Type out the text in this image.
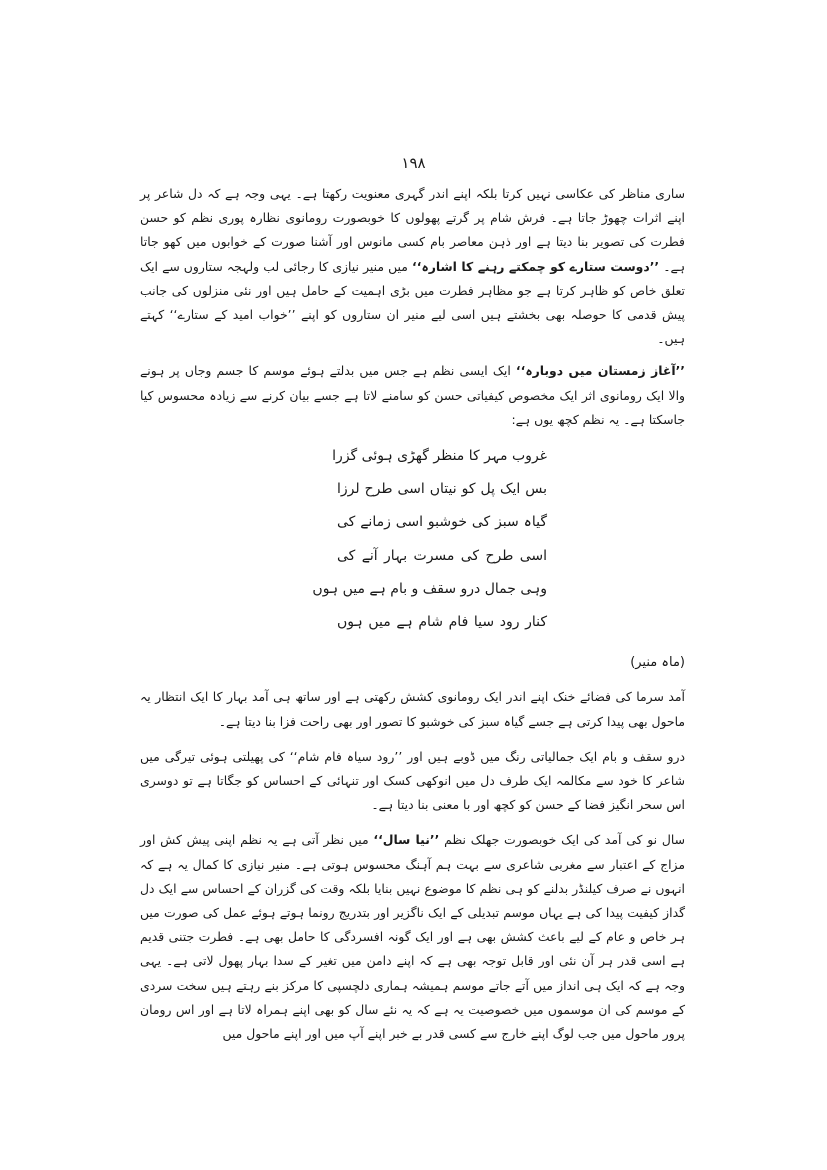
۱۹۸

ساری مناظر کی عکاسی نہیں کرتا بلکہ اپنے اندر گہری معنویت رکھتا ہے۔ یہی وجہ ہے کہ دل شاعر پر اپنے اثرات چھوڑ جاتا ہے۔ فرش شام پر گرتے پھولوں کا خوبصورت رومانوی نظارہ پوری نظم کو حسن فطرت کی تصویر بنا دیتا ہے اور ذہن معاصر بام کسی مانوس اور آشنا صورت کے خوابوں میں کھو جاتا ہے۔ ’’دوست ستارے کو چمکتے رہنے کا اشارہ‘‘ میں منیر نیازی کا رجائی لب ولہجہ ستاروں سے ایک تعلق خاص کو ظاہر کرتا ہے جو مظاہر فطرت میں بڑی اہمیت کے حامل ہیں اور نئی منزلوں کی جانب پیش قدمی کا حوصلہ بھی بخشتے ہیں اسی لیے منیر ان ستاروں کو اپنے ’’خواب امید کے ستارے‘‘ کہتے ہیں۔

’’آغاز زمستان میں دوبارہ‘‘ ایک ایسی نظم ہے جس میں بدلتے ہوئے موسم کا جسم وجاں پر ہونے والا ایک رومانوی اثر ایک مخصوص کیفیاتی حسن کو سامنے لاتا ہے جسے بیان کرنے سے زیادہ محسوس کیا جاسکتا ہے۔ یہ نظم کچھ یوں ہے:

غروب مہر کا منظر گھڑی ہوئی گزرا
بس ایک پل کو نیتاں اسی طرح لرزا
گیاہ سبز کی خوشبو اسی زمانے کی
اسی طرح کی مسرت بہار آنے کی
وہی جمال درو سقف و بام ہے میں ہوں
کنار رود سیا فام شام ہے میں ہوں
(ماہ منیر)

آمد سرما کی فضائے خنک اپنے اندر ایک رومانوی کشش رکھتی ہے اور ساتھ ہی آمد بہار کا ایک انتظار یہ ماحول بھی پیدا کرتی ہے جسے گیاہ سبز کی خوشبو کا تصور اور بھی راحت فزا بنا دیتا ہے۔

درو سقف و بام ایک جمالیاتی رنگ میں ڈوبے ہیں اور ’’رود سیاہ فام شام‘‘ کی پھیلتی ہوئی تیرگی میں شاعر کا خود سے مکالمہ ایک طرف دل میں انوکھی کسک اور تنہائی کے احساس کو جگاتا ہے تو دوسری اس سحر انگیز فضا کے حسن کو کچھ اور با معنی بنا دیتا ہے۔

سال نو کی آمد کی ایک خوبصورت جھلک نظم ’’نیا سال‘‘ میں نظر آتی ہے یہ نظم اپنی پیش کش اور مزاج کے اعتبار سے مغربی شاعری سے بہت ہم آہنگ محسوس ہوتی ہے۔ منیر نیازی کا کمال یہ ہے کہ انہوں نے صرف کیلنڈر بدلنے کو ہی نظم کا موضوع نہیں بنایا بلکہ وقت کی گزران کے احساس سے ایک دل گداز کیفیت پیدا کی ہے یہاں موسم تبدیلی کے ایک ناگزیر اور بتدریج رونما ہوتے ہوئے عمل کی صورت میں ہر خاص و عام کے لیے باعث کشش بھی ہے اور ایک گونہ افسردگی کا حامل بھی ہے۔ فطرت جتنی قدیم ہے اسی قدر ہر آن نئی اور قابل توجہ بھی ہے کہ اپنے دامن میں تغیر کے سدا بہار پھول لاتی ہے۔ یہی وجہ ہے کہ ایک ہی انداز میں آتے جاتے موسم ہمیشہ ہماری دلچسپی کا مرکز بنے رہتے ہیں سخت سردی کے موسم کی ان موسموں میں خصوصیت یہ ہے کہ یہ نئے سال کو بھی اپنے ہمراہ لاتا ہے اور اس رومان پرور ماحول میں جب لوگ اپنے خارج سے کسی قدر بے خبر اپنے آپ میں اور اپنے ماحول میں
